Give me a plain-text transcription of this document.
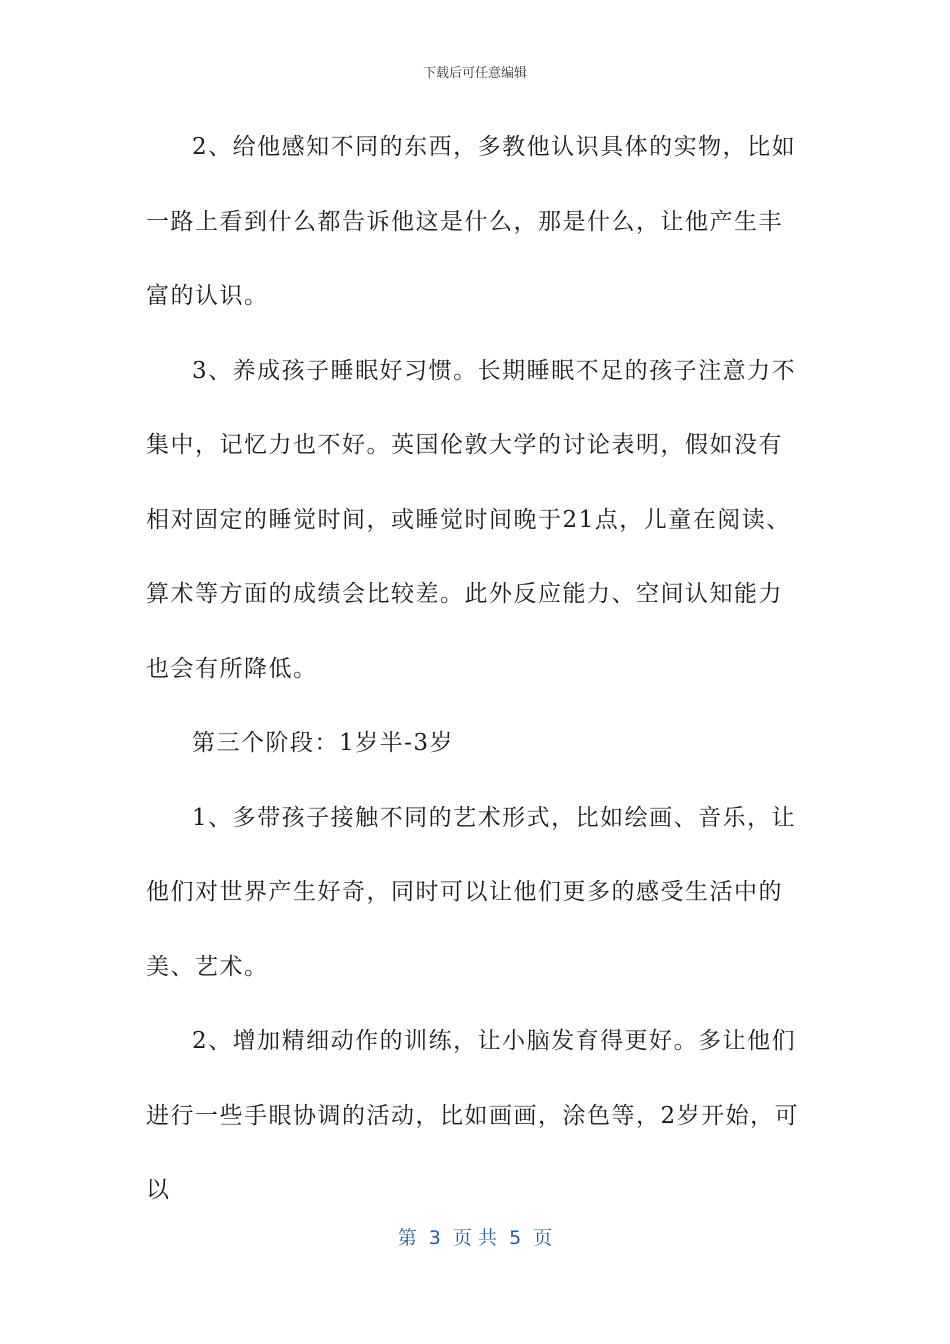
下载后可任意编辑

2、给他感知不同的东西，多教他认识具体的实物，比如一路上看到什么都告诉他这是什么，那是什么，让他产生丰富的认识。

3、养成孩子睡眠好习惯。长期睡眠不足的孩子注意力不集中，记忆力也不好。英国伦敦大学的讨论表明，假如没有相对固定的睡觉时间，或睡觉时间晚于21点，儿童在阅读、算术等方面的成绩会比较差。此外反应能力、空间认知能力也会有所降低。

第三个阶段：1岁半-3岁

1、多带孩子接触不同的艺术形式，比如绘画、音乐，让他们对世界产生好奇，同时可以让他们更多的感受生活中的美、艺术。

2、增加精细动作的训练，让小脑发育得更好。多让他们进行一些手眼协调的活动，比如画画，涂色等，2岁开始，可以

第  3  页 共  5  页
